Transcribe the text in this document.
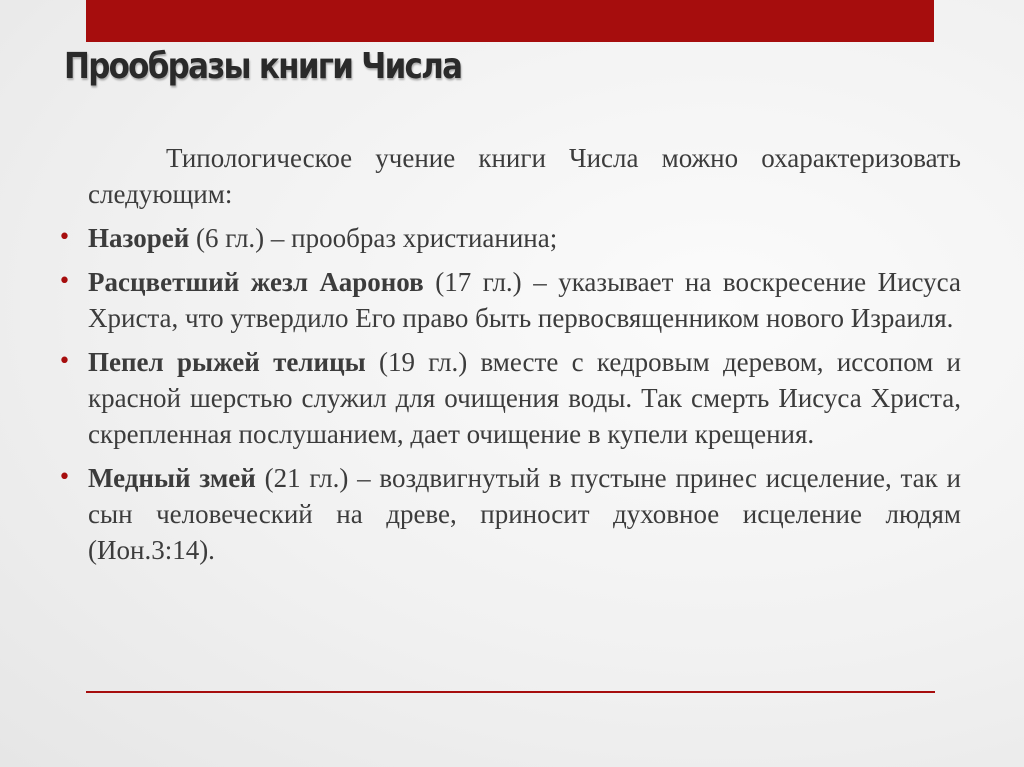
Прообразы книги Числа

Типологическое учение книги Числа можно охарактеризовать следующим:

• Назорей (6 гл.) – прообраз христианина;
• Расцветший жезл Ааронов (17 гл.) – указывает на воскресение Иисуса Христа, что утвердило Его право быть первосвященником нового Израиля.
• Пепел рыжей телицы (19 гл.) вместе с кедровым деревом, иссопом и красной шерстью служил для очищения воды. Так смерть Иисуса Христа, скрепленная послушанием, дает очищение в купели крещения.
• Медный змей (21 гл.) – воздвигнутый в пустыне принес исцеление, так и сын человеческий на древе, приносит духовное исцеление людям (Ион.3:14).
